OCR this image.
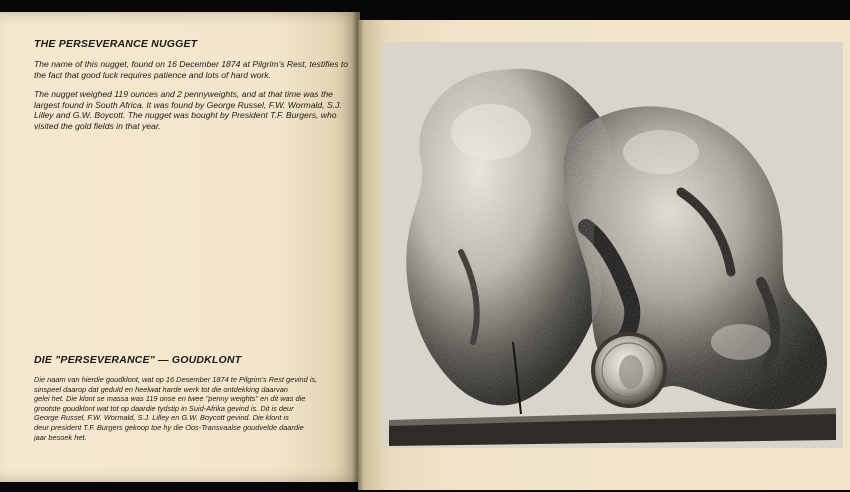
THE PERSEVERANCE NUGGET
The name of this nugget, found on 16 December 1874 at Pilgrim's Rest, testifies to
the fact that good luck requires patience and lots of hard work.
The nugget weighed 119 ounces and 2 pennyweights, and at that time was the
largest found in South Africa. It was found by George Russel, F.W. Wormald, S.J.
Lilley and G.W. Boycott. The nugget was bought by President T.F. Burgers, who
visited the gold fields in that year.
DIE "PERSEVERANCE" — GOUDKLONT
Die naam van hierdie goudklont, wat op 16 Desember 1874 te Pilgrim's Rest gevind is,
sinspeel daarop dat geduld en heelwat harde werk tot die ontdekking daarvan
gelei het. Die klont se massa was 119 onse en twee "penny weights" en dit was die
grootste goudklont wat tot op daardie tydstip in Suid-Afrika gevind is. Dit is deur
George Russel, F.W. Wormald, S.J. Lilley en G.W. Boycott gevind. Die klont is
deur president T.F. Burgers gekoop toe hy die Oos-Transvaalse goudvelde daardie
jaar besoek het.
